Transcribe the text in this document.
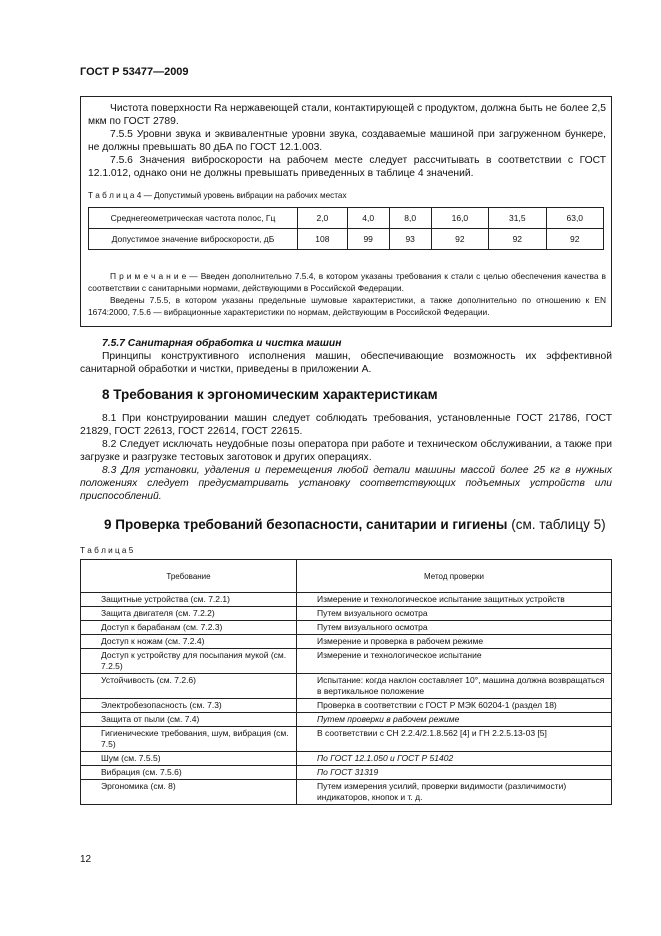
ГОСТ Р 53477—2009

Чистота поверхности Ra нержавеющей стали, контактирующей с продуктом, должна быть не более 2,5 мкм по ГОСТ 2789.

7.5.5 Уровни звука и эквивалентные уровни звука, создаваемые машиной при загруженном бункере, не должны превышать 80 дБА по ГОСТ 12.1.003.

7.5.6 Значения виброскорости на рабочем месте следует рассчитывать в соответствии с ГОСТ 12.1.012, однако они не должны превышать приведенных в таблице 4 значений.

Т а б л и ц а 4 — Допустимый уровень вибрации на рабочих местах
Среднегеометрическая частота полос, Гц	2,0	4,0	8,0	16,0	31,5	63,0
Допустимое значение виброскорости, дБ	108	99	93	92	92	92

П р и м е ч а н и е — Введен дополнительно 7.5.4, в котором указаны требования к стали с целью обеспечения качества в соответствии с санитарными нормами, действующими в Российской Федерации.

Введены 7.5.5, в котором указаны предельные шумовые характеристики, а также дополнительно по отношению к EN 1674:2000, 7.5.6 — вибрационные характеристики по нормам, действующим в Российской Федерации.

7.5.7 Санитарная обработка и чистка машин

Принципы конструктивного исполнения машин, обеспечивающие возможность их эффективной санитарной обработки и чистки, приведены в приложении А.

8 Требования к эргономическим характеристикам

8.1 При конструировании машин следует соблюдать требования, установленные ГОСТ 21786, ГОСТ 21829, ГОСТ 22613, ГОСТ 22614, ГОСТ 22615.

8.2 Следует исключать неудобные позы оператора при работе и техническом обслуживании, а также при загрузке и разгрузке тестовых заготовок и других операциях.

8.3 Для установки, удаления и перемещения любой детали машины массой более 25 кг в нужных положениях следует предусматривать установку соответствующих подъемных устройств или приспособлений.

9 Проверка требований безопасности, санитарии и гигиены (см. таблицу 5)
Т а б л и ц а 5
Требование	Метод проверки
Защитные устройства (см. 7.2.1)	Измерение и технологическое испытание защитных устройств
Защита двигателя (см. 7.2.2)	Путем визуального осмотра
Доступ к барабанам (см. 7.2.3)	Путем визуального осмотра
Доступ к ножам (см. 7.2.4)	Измерение и проверка в рабочем режиме
Доступ к устройству для посыпания мукой (см. 7.2.5)	Измерение и технологическое испытание
Устойчивость (см. 7.2.6)	Испытание: когда наклон составляет 10°, машина должна возвращаться в вертикальное положение
Электробезопасность (см. 7.3)	Проверка в соответствии с ГОСТ Р МЭК 60204-1 (раздел 18)
Защита от пыли (см. 7.4)	Путем проверки в рабочем режиме
Гигиенические требования, шум, вибрация (см. 7.5)	В соответствии с СН 2.2.4/2.1.8.562 [4] и ГН 2.2.5.13-03 [5]
Шум (см. 7.5.5)	По ГОСТ 12.1.050 и ГОСТ Р 51402
Вибрация (см. 7.5.6)	По ГОСТ 31319
Эргономика (см. 8)	Путем измерения усилий, проверки видимости (различимости) индикаторов, кнопок и т. д.
12
